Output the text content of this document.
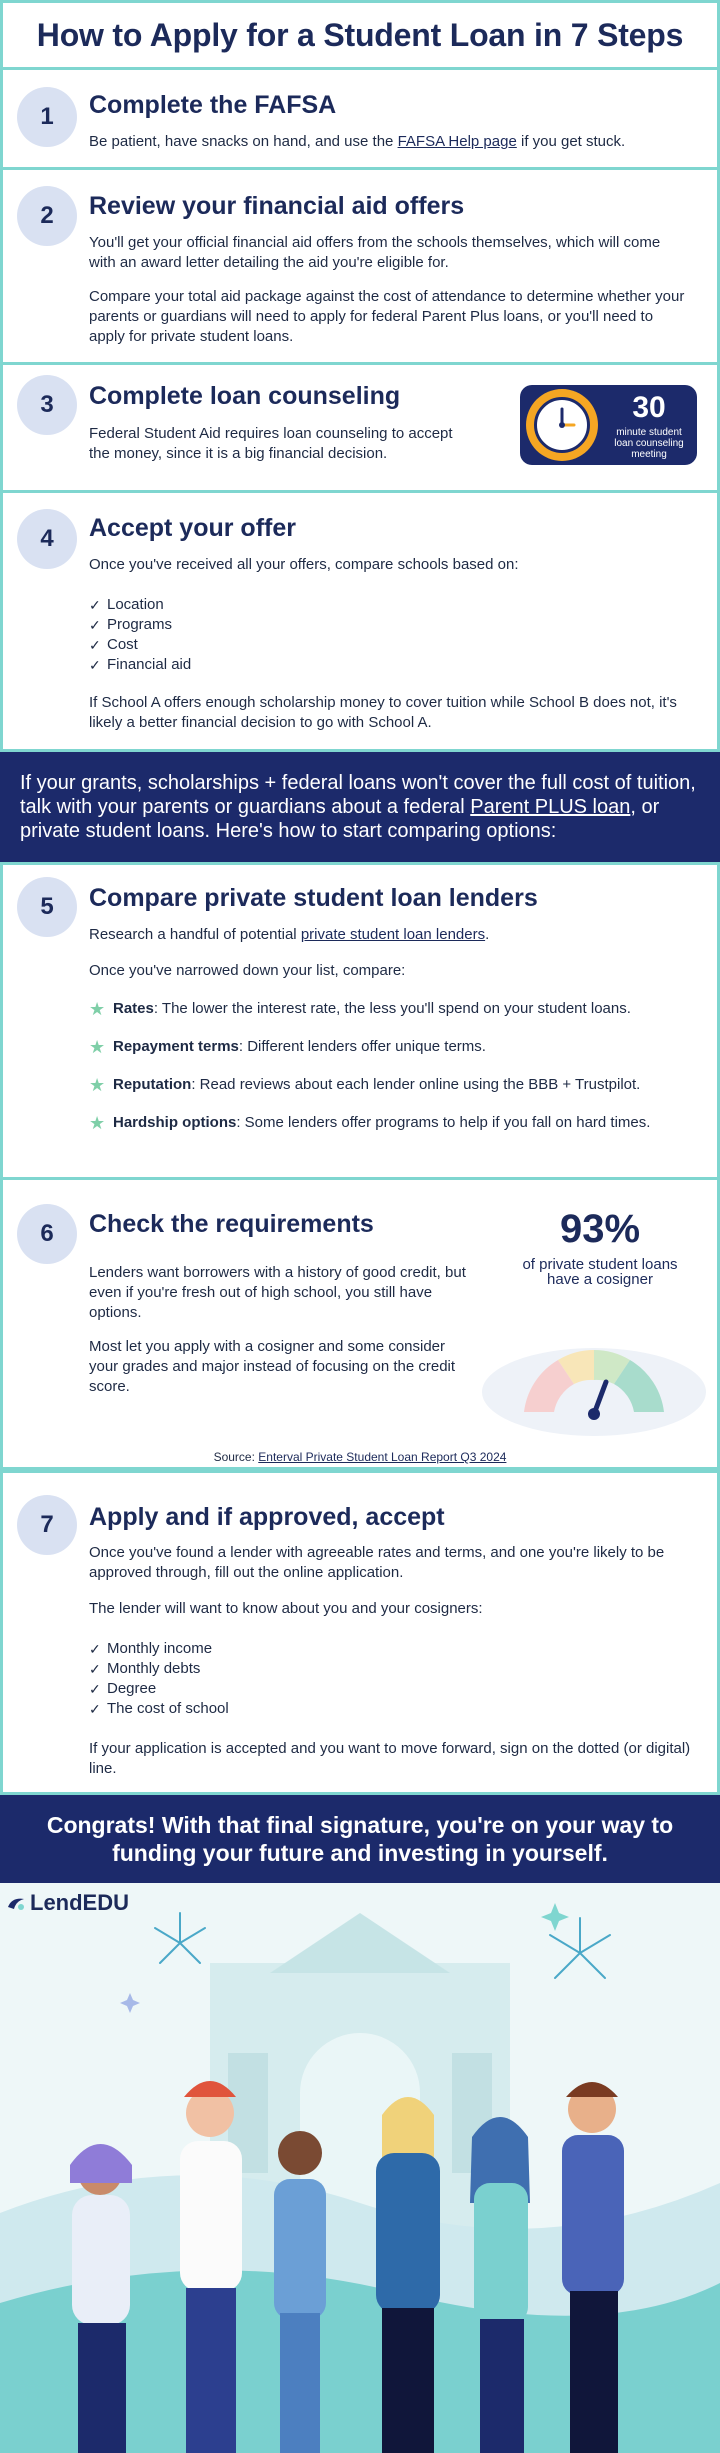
How to Apply for a Student Loan in 7 Steps
1	Complete the FAFSA
Be patient, have snacks on hand, and use the FAFSA Help page if you get stuck.
2	Review your financial aid offers
You'll get your official financial aid offers from the schools themselves, which will come with an award letter detailing the aid you're eligible for.
Compare your total aid package against the cost of attendance to determine whether your parents or guardians will need to apply for federal Parent Plus loans, or you'll need to apply for private student loans.
3	Complete loan counseling
Federal Student Aid requires loan counseling to accept the money, since it is a big financial decision.
30
minute student loan counseling meeting
4	Accept your offer
Once you've received all your offers, compare schools based on:
✓ Location
✓ Programs
✓ Cost
✓ Financial aid
If School A offers enough scholarship money to cover tuition while School B does not, it's likely a better financial decision to go with School A.
If your grants, scholarships + federal loans won't cover the full cost of tuition, talk with your parents or guardians about a federal Parent PLUS loan, or private student loans. Here's how to start comparing options:
5	Compare private student loan lenders
Research a handful of potential private student loan lenders.
Once you've narrowed down your list, compare:
★ Rates: The lower the interest rate, the less you'll spend on your student loans.
★ Repayment terms: Different lenders offer unique terms.
★ Reputation: Read reviews about each lender online using the BBB + Trustpilot.
★ Hardship options: Some lenders offer programs to help if you fall on hard times.
6	Check the requirements
Lenders want borrowers with a history of good credit, but even if you're fresh out of high school, you still have options.
Most let you apply with a cosigner and some consider your grades and major instead of focusing on the credit score.
93%
of private student loans have a cosigner
Source: Enterval Private Student Loan Report Q3 2024
7	Apply and if approved, accept
Once you've found a lender with agreeable rates and terms, and one you're likely to be approved through, fill out the online application.
The lender will want to know about you and your cosigners:
✓ Monthly income
✓ Monthly debts
✓ Degree
✓ The cost of school
If your application is accepted and you want to move forward, sign on the dotted (or digital) line.
Congrats! With that final signature, you're on your way to funding your future and investing in yourself.
LendEDU
